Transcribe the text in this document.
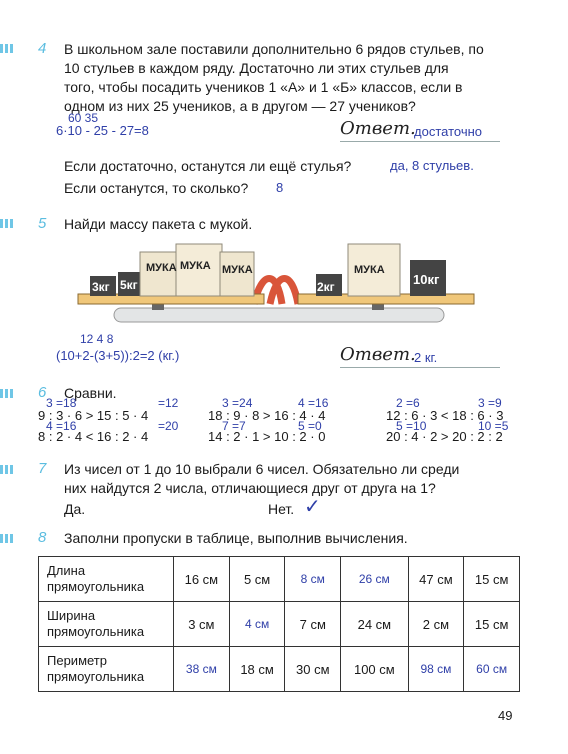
4 В школьном зале поставили дополнительно 6 рядов стульев, по
10 стульев в каждом ряду. Достаточно ли этих стульев для
того, чтобы посадить учеников 1 «А» и 1 «Б» классов, если в
одном из них 25 учеников, а в другом — 27 учеников?
60 35
6·10 - 25 - 27=8	Ответ.
достаточно
Если достаточно, останутся ли ещё стулья?	да, 8 стульев.
Если останутся, то сколько? 8
5 Найди массу пакета с мукой.
МУКА МУКА МУКА	МУКА
3кг 5кг	2кг	10кг
12 4 8
(10+2-(3+5)):2=2 (кг.)	Ответ.
2 кг.
6 Сравни.
3 =18
9 : 3 · 6 > 15 : 5 · 4
=12
4 =16
8 : 2 · 4 < 16 : 2 · 4
=20
3 =24
18 : 9 · 8 > 16 : 4 · 4
4 =16
7 =7
14 : 2 · 1 > 10 : 2 · 0
5 =0
2 =6
12 : 6 · 3 < 18 : 6 · 3
3 =9
5 =10
20 : 4 · 2 > 20 : 2 : 2
10 =5
7 Из чисел от 1 до 10 выбрали 6 чисел. Обязательно ли среди
них найдутся 2 числа, отличающиеся друг от друга на 1?
Да.	Нет. ✓
8 Заполни пропуски в таблице, выполнив вычисления.
Длина прямоугольника	16 см	5 см	8 см	26 см	47 см	15 см
Ширина прямоугольника	3 см	4 см	7 см	24 см	2 см	15 см
Периметр прямоугольника	38 см	18 см	30 см	100 см	98 см	60 см
49
